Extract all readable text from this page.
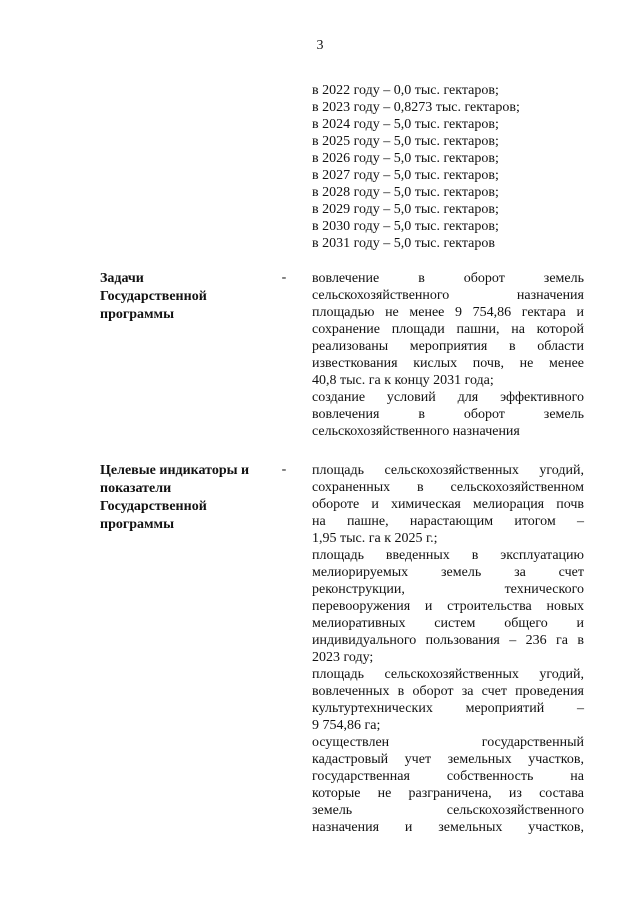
3
в 2022 году – 0,0 тыс. гектаров;
в 2023 году – 0,8273 тыс. гектаров;
в 2024 году – 5,0 тыс. гектаров;
в 2025 году – 5,0 тыс. гектаров;
в 2026 году – 5,0 тыс. гектаров;
в 2027 году – 5,0 тыс. гектаров;
в 2028 году – 5,0 тыс. гектаров;
в 2029 году – 5,0 тыс. гектаров;
в 2030 году – 5,0 тыс. гектаров;
в 2031 году – 5,0 тыс. гектаров
Задачи
Государственной
программы
- вовлечение в оборот земель
сельскохозяйственного назначения
площадью не менее 9 754,86 гектара и
сохранение площади пашни, на которой
реализованы мероприятия в области
известкования кислых почв, не менее
40,8 тыс. га к концу 2031 года;
создание условий для эффективного
вовлечения в оборот земель
сельскохозяйственного назначения
Целевые индикаторы и
показатели
Государственной
программы
- площадь сельскохозяйственных угодий,
сохраненных в сельскохозяйственном
обороте и химическая мелиорация почв
на пашне, нарастающим итогом –
1,95 тыс. га к 2025 г.;
площадь введенных в эксплуатацию
мелиорируемых земель за счет
реконструкции, технического
перевооружения и строительства новых
мелиоративных систем общего и
индивидуального пользования – 236 га в
2023 году;
площадь сельскохозяйственных угодий,
вовлеченных в оборот за счет проведения
культуртехнических мероприятий –
9 754,86 га;
осуществлен государственный
кадастровый учет земельных участков,
государственная собственность на
которые не разграничена, из состава
земель сельскохозяйственного
назначения и земельных участков,
